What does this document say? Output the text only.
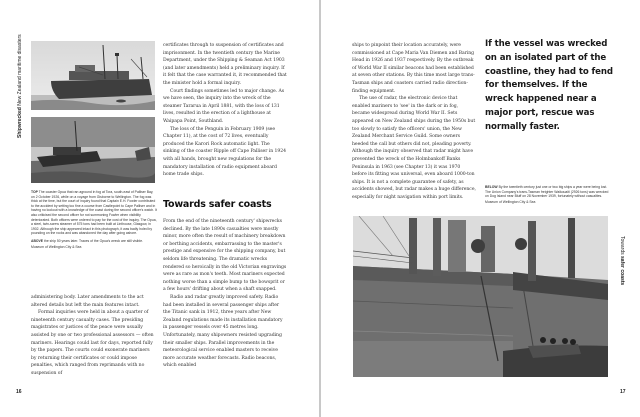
Shipwrecked New Zealand maritime disasters
TOP The coaster Opua that ran aground in fog at Tora, south-east of Palliser Bay, on 2 October 1926, while on a voyage from Gisborne to Wellington. The fog was thick at the time, but the court of inquiry found that Captain E.H. Fowler contributed to the accident by setting too fine a course from Castlepoint to Cape Palliser and in having no lookout with a knowledge of the coast during the second officer's watch. It also criticised the second officer for not summoning Fowler when visibility deteriorated. Both officers were ordered to pay for the cost of the inquiry. The Opua, a steel, twin-screw steamer of 575 tons had been built at Linthouse, Glasgow, in 1902. Although the ship appeared intact in this photograph, it was badly holed by pounding on the rocks and was abandoned the day after going ashore.
ABOVE the ship 50 years later. Traces of the Opua's wreck are still visible.
Museum of Wellington City & Sea

administering body. Later amendments to the act altered details but left the main features intact.

Formal inquiries were held in about a quarter of nineteenth century casualty cases. The presiding magistrates or justices of the peace were usually assisted by one or two professional assessors — often mariners. Hearings could last for days, reported fully by the papers. The courts could exonerate mariners by returning their certificates or could impose penalties, which ranged from reprimands with no suspension of

certificates through to suspension of certificates and imprisonment. In the twentieth century the Marine Department, under the Shipping & Seaman Act 1903 (and later amendments) held a preliminary inquiry. If it felt that the case warranted it, it recommended that the minister hold a formal inquiry.

Court findings sometimes led to major change. As we have seen, the inquiry into the wreck of the steamer Tararua in April 1881, with the loss of 131 lives, resulted in the erection of a lighthouse at Waipapa Point, Southland.

The loss of the Penguin in February 1909 (see Chapter 11), at the cost of 72 lives, eventually produced the Karori Rock automatic light. The sinking of the coaster Ripple off Cape Palliser in 1924 with all hands, brought new regulations for the mandatory installation of radio equipment aboard home trade ships.

Towards safer coasts

From the end of the nineteenth century' shipwrecks declined. By the late 1890s casualties were mostly minor, more often the result of machinery breakdown or berthing accidents, embarrassing to the master's prestige and expensive for the shipping company, but seldom life threatening. The dramatic wrecks rendered so heroically in the old Victorian engravings were as rare as mon's teeth. Most mariners expected nothing worse than a simple bump to the bowsprit or a few hours' drifting about when a shaft snapped.

Radio and radar greatly improved safety. Radio had been installed in several passenger ships after the Titanic sank in 1912, three years after New Zealand regulations made its installation mandatory in passenger vessels over 45 metres long. Unfortunately, many shipowners resisted upgrading their smaller ships. Parallel improvements in the meteorological service enabled masters to receive more accurate weather forecasts. Radio beacons, which enabled

16

ships to pinpoint their location accurately, were commissioned at Cape Maria Van Diemen and Baring Head in 1926 and 1937 respectively. By the outbreak of World War II similar beacons had been established at seven other stations. By this time most large trans-Tasman ships and coasters carried radio direction-finding equipment.

The use of radar, the electronic device that enabled mariners to 'see' in the dark or in fog, became widespread during World War II. Sets appeared on New Zealand ships during the 1950s but too slowly to satisfy the officers' union, the New Zealand Merchant Service Guild. Some owners heeded the call but others did not, pleading poverty. Although the inquiry observed that radar might have prevented the wreck of the Holmbankoff Banks Peninsula in 1963 (see Chapter 13) it was 1970 before its fitting was universal, even aboard 1000-ton ships. It is not a complete guarantee of safety, as accidents showed, but radar makes a huge difference, especially for night navigation within port limits.

If the vessel was wrecked on an isolated part of the coastline, they had to fend for themselves. If the wreck happened near a major port, rescue was normally faster.
BELOW By the twentieth century just one or two big ships a year were being lost. The Union Company's trans-Tasman freighter Waikouaiti (2926 tons) was wrecked on Dog Island near Bluff on 28 November 1939, fortunately without casualties.
Museum of Wellington City & Sea
Towards safer coasts
17
